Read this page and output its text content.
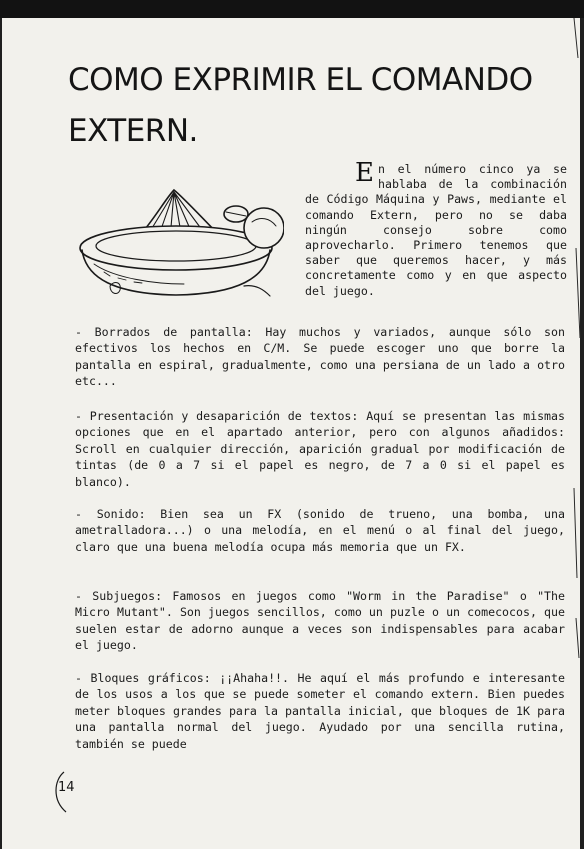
COMO EXPRIMIR EL COMANDO
EXTERN.

En el número cinco ya se hablaba de la combinación de Código Máquina y Paws, mediante el comando Extern, pero no se daba ningún consejo sobre como aprovecharlo. Primero tenemos que saber que queremos hacer, y más concretamente como y en que aspecto del juego.

- Borrados de pantalla: Hay muchos y variados, aunque sólo son efectivos los hechos en C/M. Se puede escoger uno que borre la pantalla en espiral, gradualmente, como una persiana de un lado a otro etc...

- Presentación y desaparición de textos: Aquí se presentan las mismas opciones que en el apartado anterior, pero con algunos añadidos: Scroll en cualquier dirección, aparición gradual por modificación de tintas (de 0 a 7 si el papel es negro, de 7 a 0 si el papel es blanco).

- Sonido: Bien sea un FX (sonido de trueno, una bomba, una ametralladora...) o una melodía, en el menú o al final del juego, claro que una buena melodía ocupa más memoria que un FX.

- Subjuegos: Famosos en juegos como "Worm in the Paradise" o "The Micro Mutant". Son juegos sencillos, como un puzle o un comecocos, que suelen estar de adorno aunque a veces son indispensables para acabar el juego.

- Bloques gráficos: ¡¡Ahaha!!. He aquí el más profundo e interesante de los usos a los que se puede someter el comando extern. Bien puedes meter bloques grandes para la pantalla inicial, que bloques de 1K para una pantalla normal del juego. Ayudado por una sencilla rutina, también se puede

14
